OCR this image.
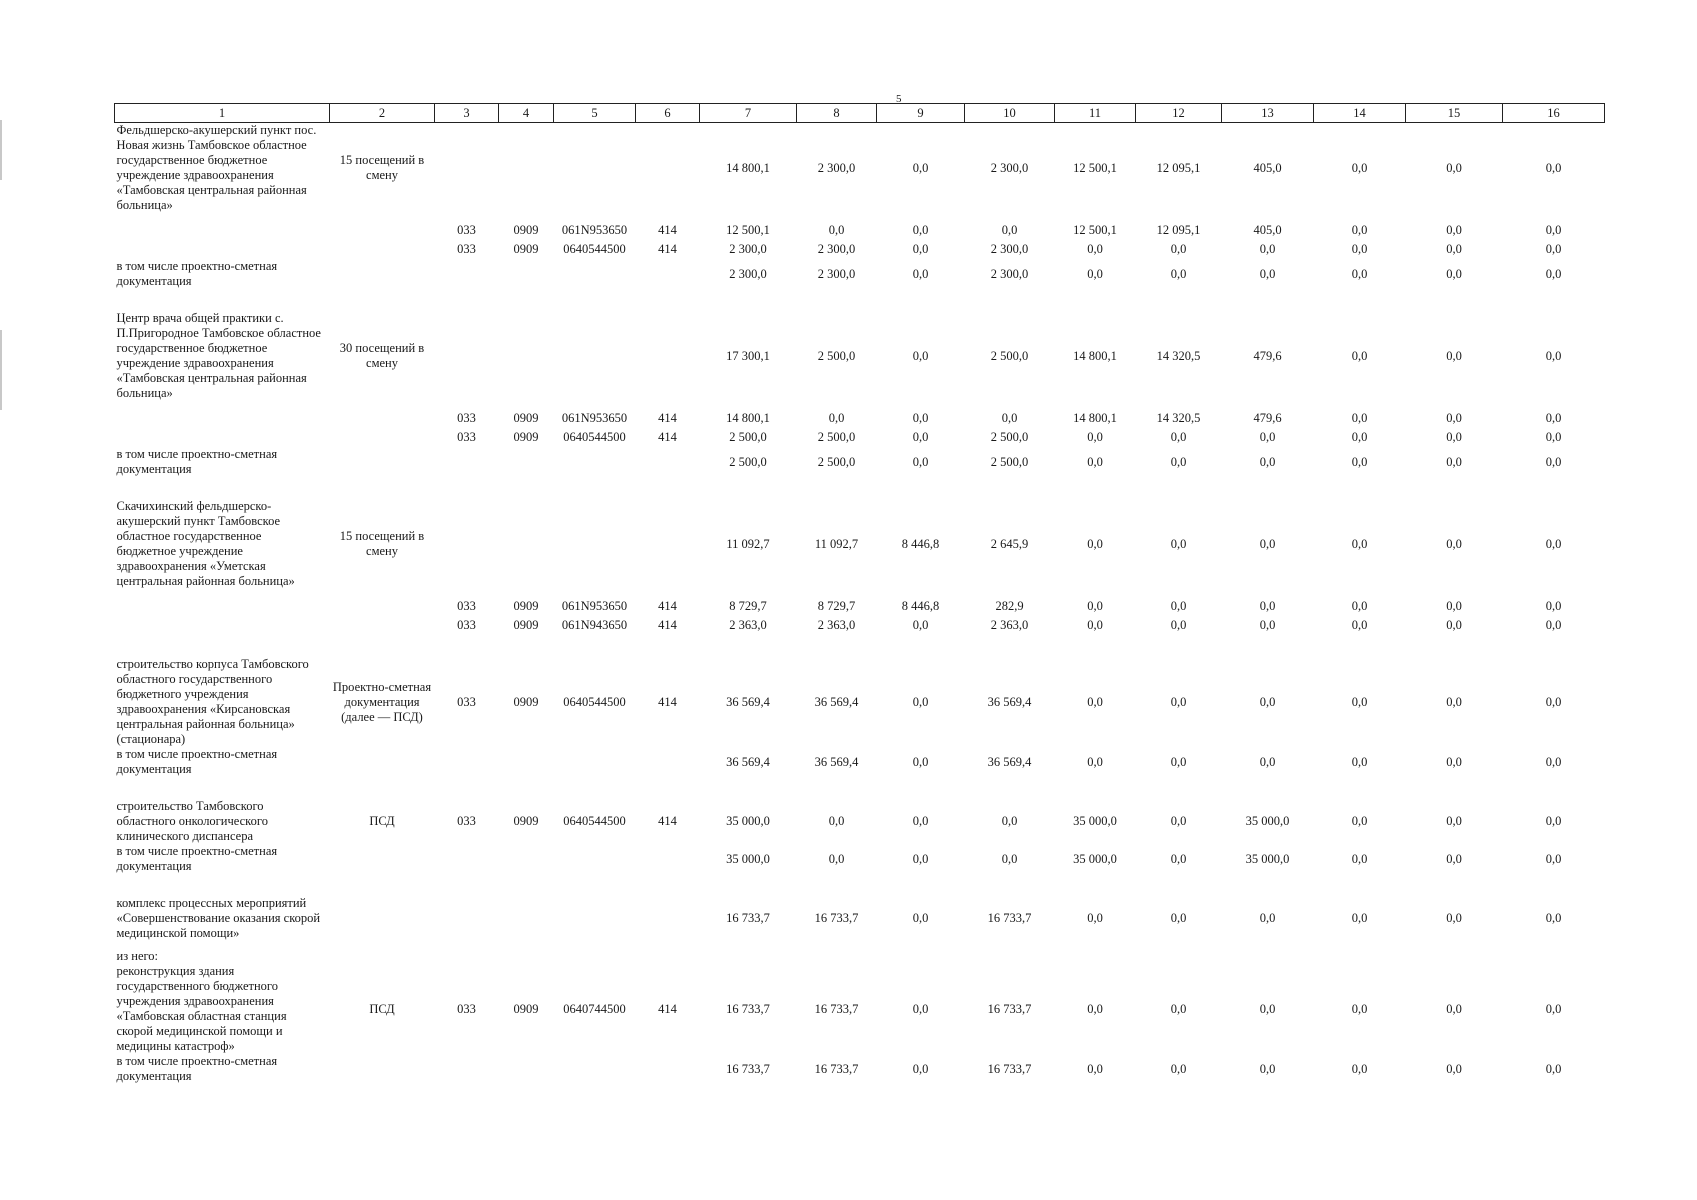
5
1	2	3	4	5	6	7	8	9	10	11	12	13	14	15	16
Фельдшерско-акушерский пункт пос. Новая жизнь Тамбовское областное государственное бюджетное учреждение здравоохранения «Тамбовская центральная районная больница»	15 посещений в смену					14 800,1	2 300,0	0,0	2 300,0	12 500,1	12 095,1	405,0	0,0	0,0	0,0

		033	0909	061N953650	414	12 500,1	0,0	0,0	0,0	12 500,1	12 095,1	405,0	0,0	0,0	0,0
		033	0909	0640544500	414	2 300,0	2 300,0	0,0	2 300,0	0,0	0,0	0,0	0,0	0,0	0,0
в том числе проектно-сметная документация						2 300,0	2 300,0	0,0	2 300,0	0,0	0,0	0,0	0,0	0,0	0,0

Центр врача общей практики с. П.Пригородное Тамбовское областное государственное бюджетное учреждение здравоохранения «Тамбовская центральная районная больница»	30 посещений в смену					17 300,1	2 500,0	0,0	2 500,0	14 800,1	14 320,5	479,6	0,0	0,0	0,0

		033	0909	061N953650	414	14 800,1	0,0	0,0	0,0	14 800,1	14 320,5	479,6	0,0	0,0	0,0
		033	0909	0640544500	414	2 500,0	2 500,0	0,0	2 500,0	0,0	0,0	0,0	0,0	0,0	0,0
в том числе проектно-сметная документация						2 500,0	2 500,0	0,0	2 500,0	0,0	0,0	0,0	0,0	0,0	0,0

Скачихинский фельдшерско-акушерский пункт Тамбовское областное государственное бюджетное учреждение здравоохранения «Уметская центральная районная больница»	15 посещений в смену					11 092,7	11 092,7	8 446,8	2 645,9	0,0	0,0	0,0	0,0	0,0	0,0

		033	0909	061N953650	414	8 729,7	8 729,7	8 446,8	282,9	0,0	0,0	0,0	0,0	0,0	0,0
		033	0909	061N943650	414	2 363,0	2 363,0	0,0	2 363,0	0,0	0,0	0,0	0,0	0,0	0,0

строительство корпуса Тамбовского областного государственного бюджетного учреждения здравоохранения «Кирсановская центральная районная больница» (стационара)	Проектно-сметная документация (далее — ПСД)	033	0909	0640544500	414	36 569,4	36 569,4	0,0	36 569,4	0,0	0,0	0,0	0,0	0,0	0,0
в том числе проектно-сметная документация						36 569,4	36 569,4	0,0	36 569,4	0,0	0,0	0,0	0,0	0,0	0,0

строительство Тамбовского областного онкологического клинического диспансера	ПСД	033	0909	0640544500	414	35 000,0	0,0	0,0	0,0	35 000,0	0,0	35 000,0	0,0	0,0	0,0
в том числе проектно-сметная документация						35 000,0	0,0	0,0	0,0	35 000,0	0,0	35 000,0	0,0	0,0	0,0

комплекс процессных мероприятий «Совершенствование оказания скорой медицинской помощи»						16 733,7	16 733,7	0,0	16 733,7	0,0	0,0	0,0	0,0	0,0	0,0

из него:															
реконструкция здания государственного бюджетного учреждения здравоохранения «Тамбовская областная станция скорой медицинской помощи и медицины катастроф»	ПСД	033	0909	0640744500	414	16 733,7	16 733,7	0,0	16 733,7	0,0	0,0	0,0	0,0	0,0	0,0
в том числе проектно-сметная документация						16 733,7	16 733,7	0,0	16 733,7	0,0	0,0	0,0	0,0	0,0	0,0
